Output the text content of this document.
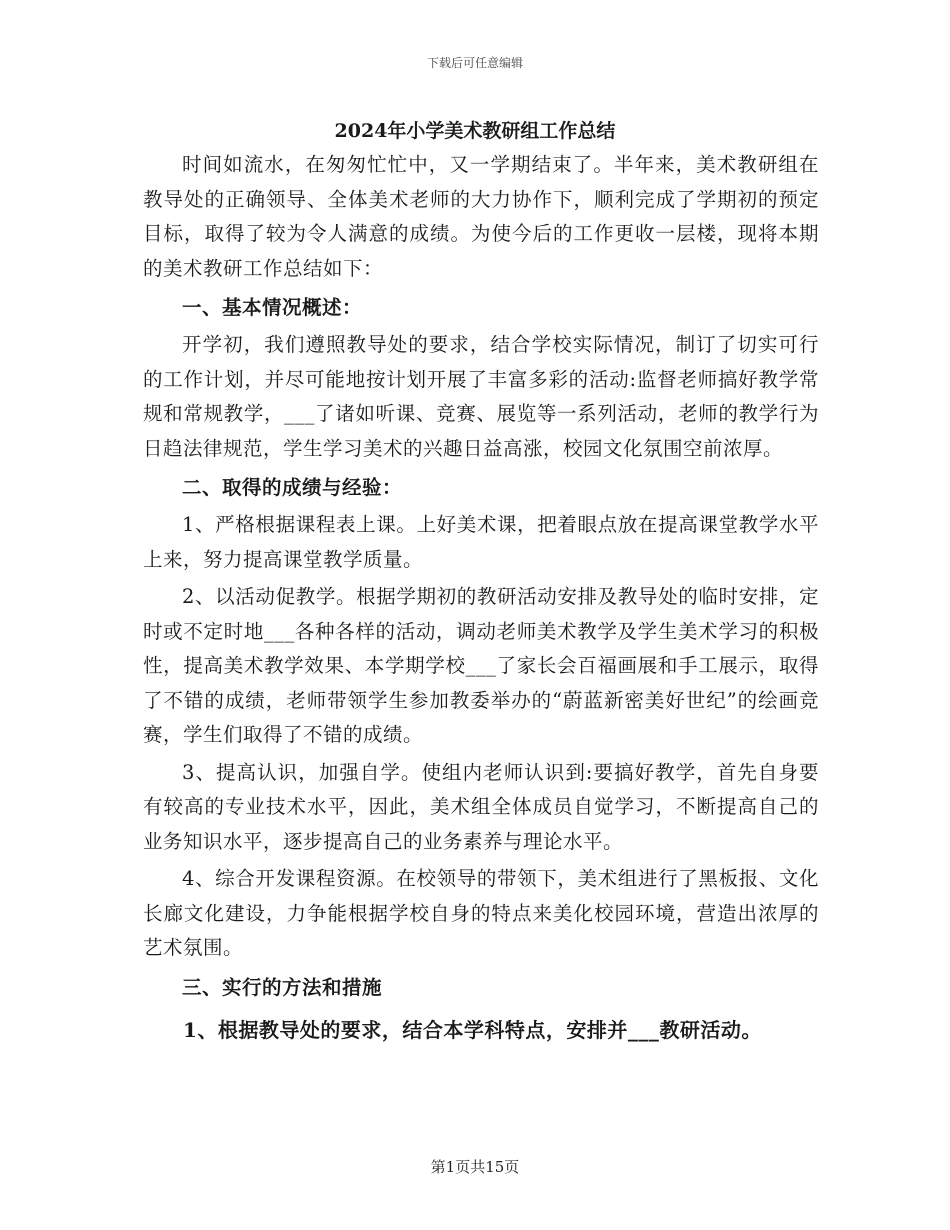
下载后可任意编辑
2024年小学美术教研组工作总结

时间如流水，在匆匆忙忙中，又一学期结束了。半年来，美术教研组在教导处的正确领导、全体美术老师的大力协作下，顺利完成了学期初的预定目标，取得了较为令人满意的成绩。为使今后的工作更收一层楼，现将本期的美术教研工作总结如下：

一、基本情况概述：

开学初，我们遵照教导处的要求，结合学校实际情况，制订了切实可行的工作计划，并尽可能地按计划开展了丰富多彩的活动:监督老师搞好教学常规和常规教学，___了诸如听课、竞赛、展览等一系列活动，老师的教学行为日趋法律规范，学生学习美术的兴趣日益高涨，校园文化氛围空前浓厚。

二、取得的成绩与经验：

1、严格根据课程表上课。上好美术课，把着眼点放在提高课堂教学水平上来，努力提高课堂教学质量。

2、以活动促教学。根据学期初的教研活动安排及教导处的临时安排，定时或不定时地___各种各样的活动，调动老师美术教学及学生美术学习的积极性，提高美术教学效果、本学期学校___了家长会百福画展和手工展示，取得了不错的成绩，老师带领学生参加教委举办的“蔚蓝新密美好世纪”的绘画竞赛，学生们取得了不错的成绩。

3、提高认识，加强自学。使组内老师认识到:要搞好教学，首先自身要有较高的专业技术水平，因此，美术组全体成员自觉学习，不断提高自己的业务知识水平，逐步提高自己的业务素养与理论水平。

4、综合开发课程资源。在校领导的带领下，美术组进行了黑板报、文化长廊文化建设，力争能根据学校自身的特点来美化校园环境，营造出浓厚的艺术氛围。

三、实行的方法和措施
1、根据教导处的要求，结合本学科特点，安排并___教研活动。
第1页共15页
